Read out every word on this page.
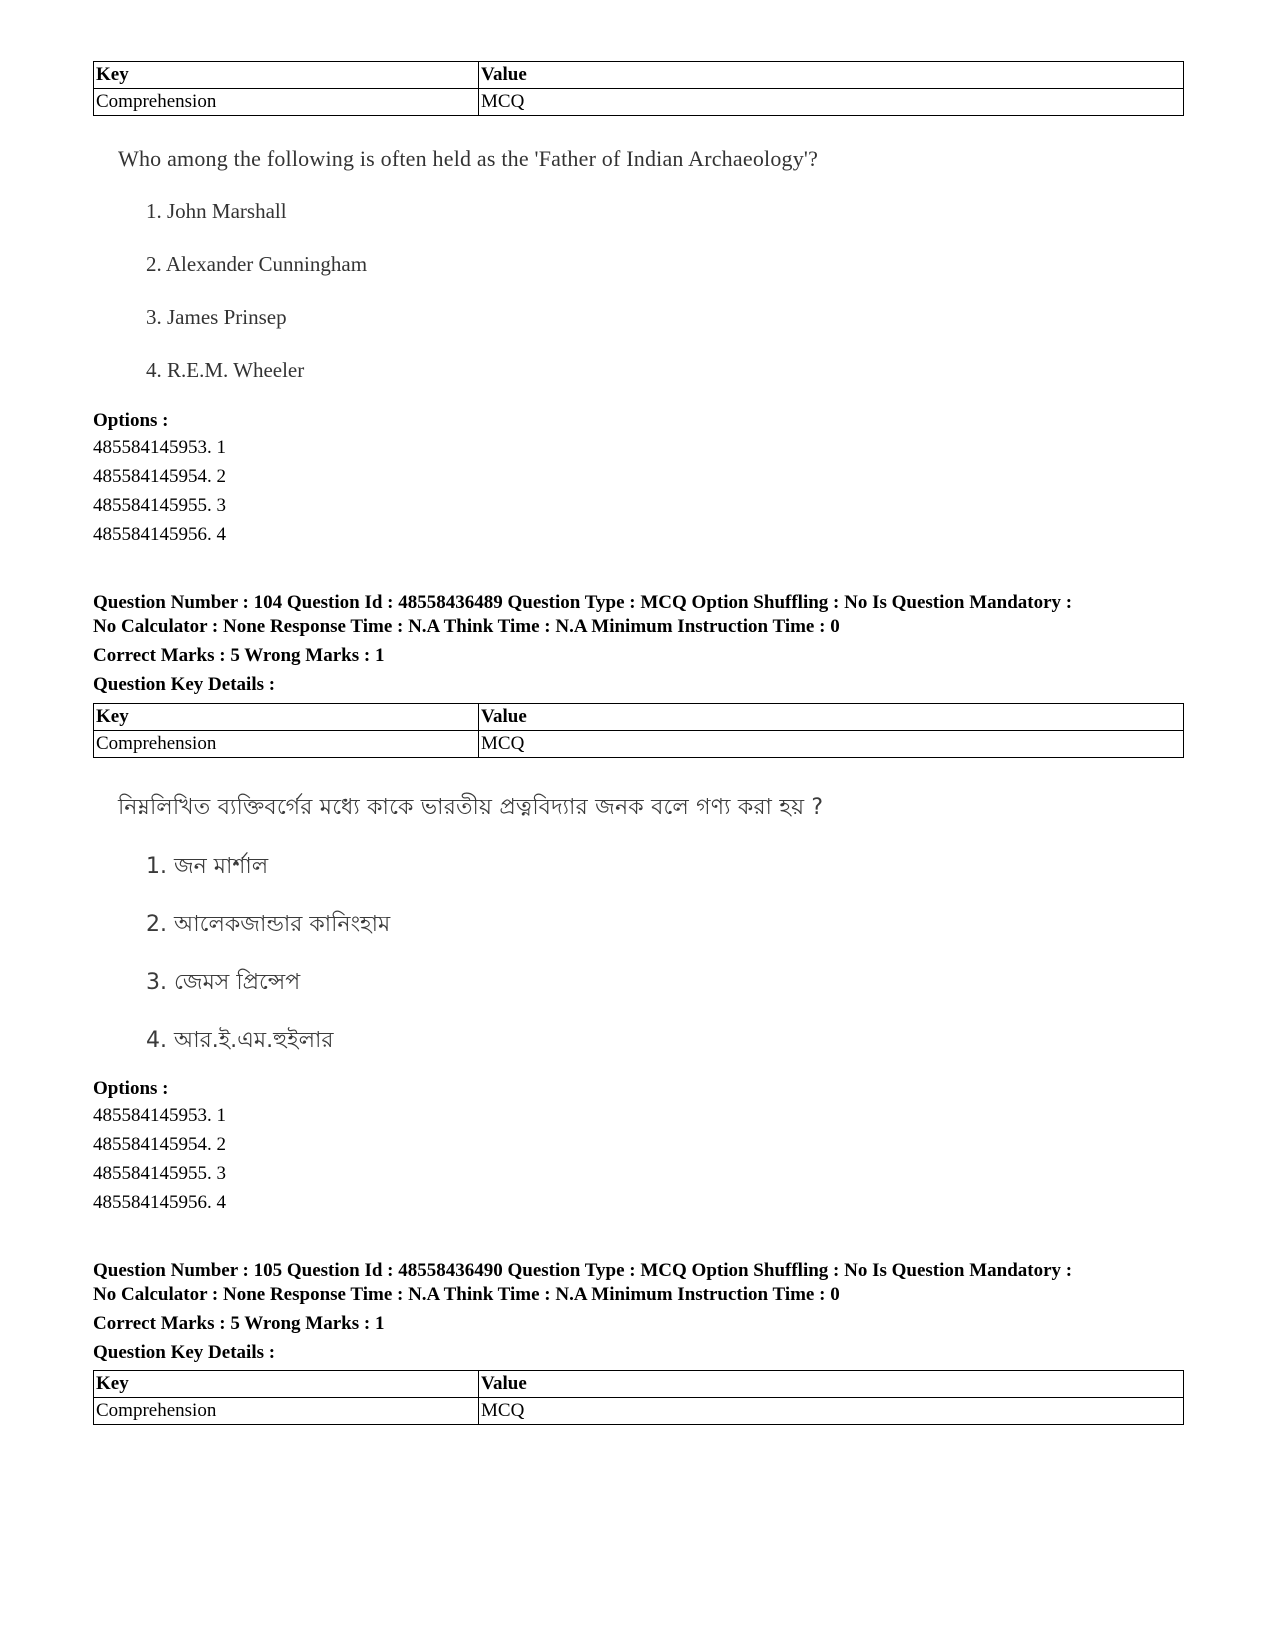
Key	Value
Comprehension	MCQ
Who among the following is often held as the 'Father of Indian Archaeology'?
1. John Marshall
2. Alexander Cunningham
3. James Prinsep
4. R.E.M. Wheeler
Options :
485584145953. 1
485584145954. 2
485584145955. 3
485584145956. 4
Question Number : 104 Question Id : 48558436489 Question Type : MCQ Option Shuffling : No Is Question Mandatory :
No Calculator : None Response Time : N.A Think Time : N.A Minimum Instruction Time : 0
Correct Marks : 5 Wrong Marks : 1
Question Key Details :
Key	Value
Comprehension	MCQ
নিম্নলিখিত ব্যক্তিবর্গের মধ্যে কাকে ভারতীয় প্রত্নবিদ্যার জনক বলে গণ্য করা হয় ?
1. জন মার্শাল
2. আলেকজান্ডার কানিংহাম
3. জেমস প্রিন্সেপ
4. আর.ই.এম.হুইলার
Options :
485584145953. 1
485584145954. 2
485584145955. 3
485584145956. 4
Question Number : 105 Question Id : 48558436490 Question Type : MCQ Option Shuffling : No Is Question Mandatory :
No Calculator : None Response Time : N.A Think Time : N.A Minimum Instruction Time : 0
Correct Marks : 5 Wrong Marks : 1
Question Key Details :
Key	Value
Comprehension	MCQ
